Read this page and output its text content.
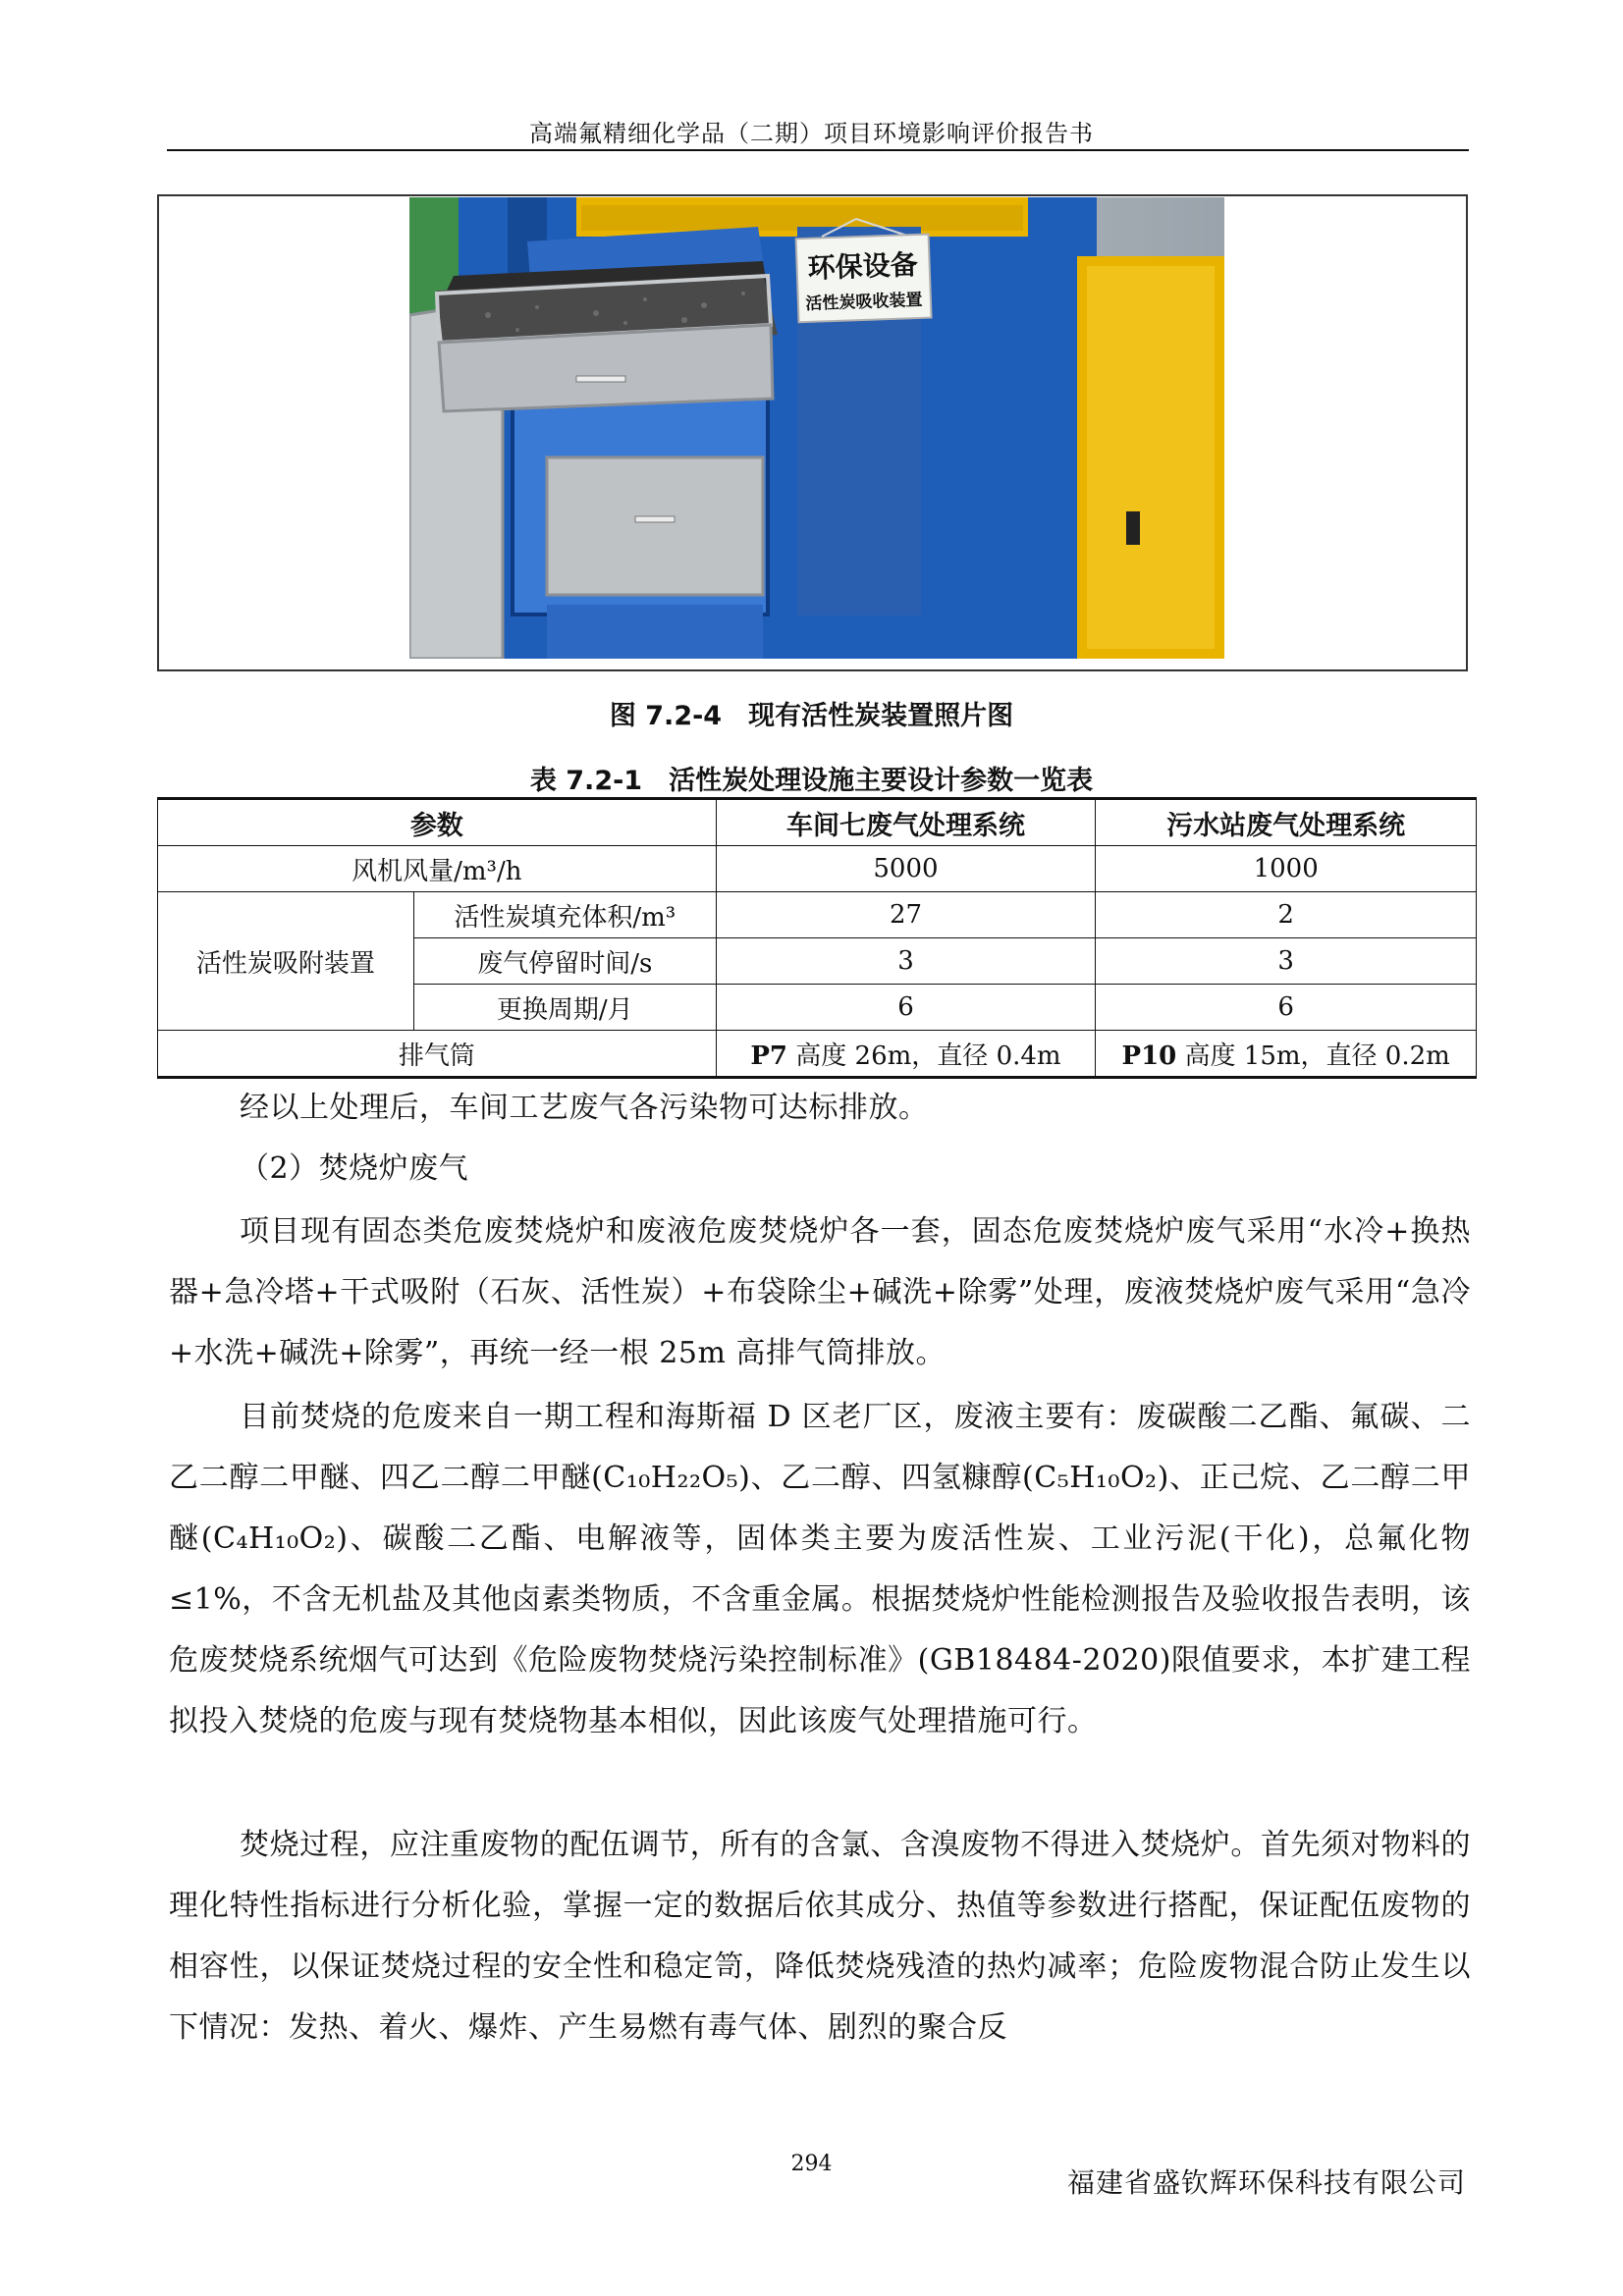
高端氟精细化学品（二期）项目环境影响评价报告书
环保设备
活性炭吸收装置
图 7.2-4　现有活性炭装置照片图
表 7.2-1　活性炭处理设施主要设计参数一览表
参数		车间七废气处理系统	污水站废气处理系统
风机风量/m³/h		5000	1000
活性炭吸附装置	活性炭填充体积/m³	27	2
	废气停留时间/s	3	3
	更换周期/月	6	6
排气筒		P7 高度 26m，直径 0.4m	P10 高度 15m，直径 0.2m

经以上处理后，车间工艺废气各污染物可达标排放。

（2）焚烧炉废气

项目现有固态类危废焚烧炉和废液危废焚烧炉各一套，固态危废焚烧炉废气采用“水冷+换热器+急冷塔+干式吸附（石灰、活性炭）+布袋除尘+碱洗+除雾”处理，废液焚烧炉废气采用“急冷+水洗+碱洗+除雾”，再统一经一根 25m 高排气筒排放。

目前焚烧的危废来自一期工程和海斯福 D 区老厂区，废液主要有：废碳酸二乙酯、氟碳、二乙二醇二甲醚、四乙二醇二甲醚(C₁₀H₂₂O₅)、乙二醇、四氢糠醇(C₅H₁₀O₂)、正己烷、乙二醇二甲醚(C₄H₁₀O₂)、碳酸二乙酯、电解液等，固体类主要为废活性炭、工业污泥(干化)，总氟化物≤1%，不含无机盐及其他卤素类物质，不含重金属。根据焚烧炉性能检测报告及验收报告表明，该危废焚烧系统烟气可达到《危险废物焚烧污染控制标准》(GB18484-2020)限值要求，本扩建工程拟投入焚烧的危废与现有焚烧物基本相似，因此该废气处理措施可行。

焚烧过程，应注重废物的配伍调节，所有的含氯、含溴废物不得进入焚烧炉。首先须对物料的理化特性指标进行分析化验，掌握一定的数据后依其成分、热值等参数进行搭配，保证配伍废物的相容性，以保证焚烧过程的安全性和稳定笥，降低焚烧残渣的热灼减率；危险废物混合防止发生以下情况：发热、着火、爆炸、产生易燃有毒气体、剧烈的聚合反

294
福建省盛钦辉环保科技有限公司
